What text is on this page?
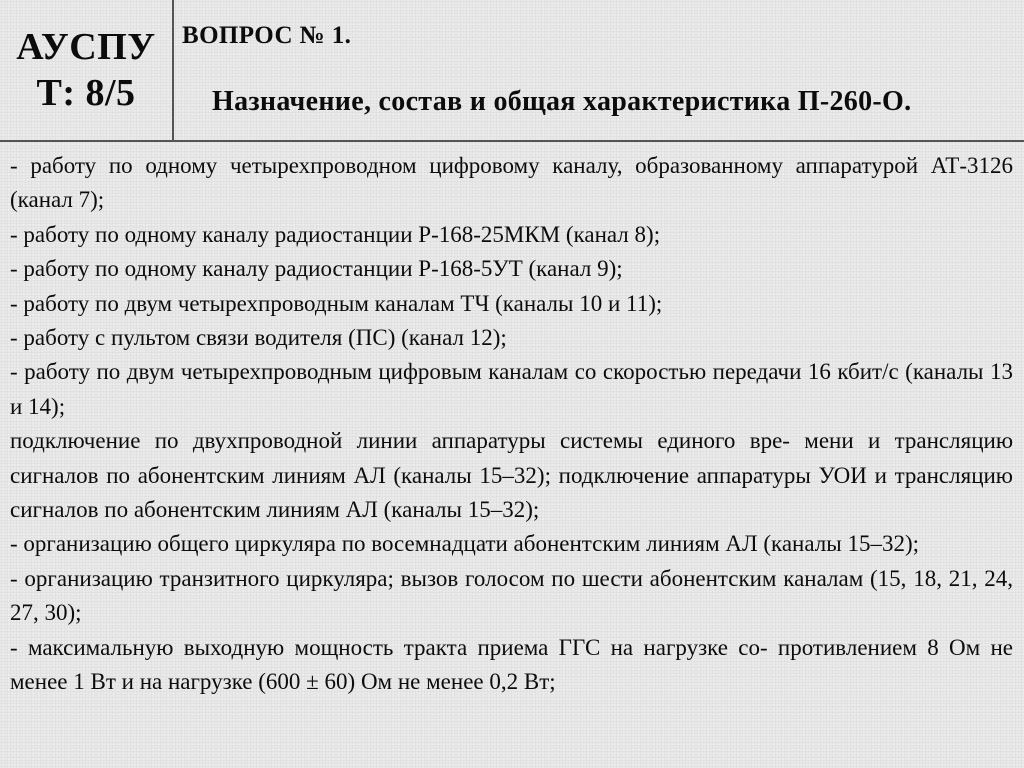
АУСПУ
Т: 8/5
ВОПРОС № 1.
Назначение, состав и общая характеристика П-260-О.

- работу по одному четырехпроводном цифровому каналу, образованному аппаратурой АТ-3126 (канал 7);

- работу по одному каналу радиостанции Р-168-25МКМ (канал 8);

- работу по одному каналу радиостанции Р-168-5УТ (канал 9);

- работу по двум четырехпроводным каналам ТЧ (каналы 10 и 11);

- работу с пультом связи водителя (ПС) (канал 12);

- работу по двум четырехпроводным цифровым каналам со скоростью передачи 16 кбит/с (каналы 13 и 14);

подключение по двухпроводной линии аппаратуры системы единого вре- мени и трансляцию сигналов по абонентским линиям АЛ (каналы 15–32); подключение аппаратуры УОИ и трансляцию сигналов по абонентским линиям АЛ (каналы 15–32);

- организацию общего циркуляра по восемнадцати абонентским линиям АЛ (каналы 15–32);

- организацию транзитного циркуляра; вызов голосом по шести абонентским каналам (15, 18, 21, 24, 27, 30);

- максимальную выходную мощность тракта приема ГГС на нагрузке со- противлением 8 Ом не менее 1 Вт и на нагрузке (600 ± 60) Ом не менее 0,2 Вт;
